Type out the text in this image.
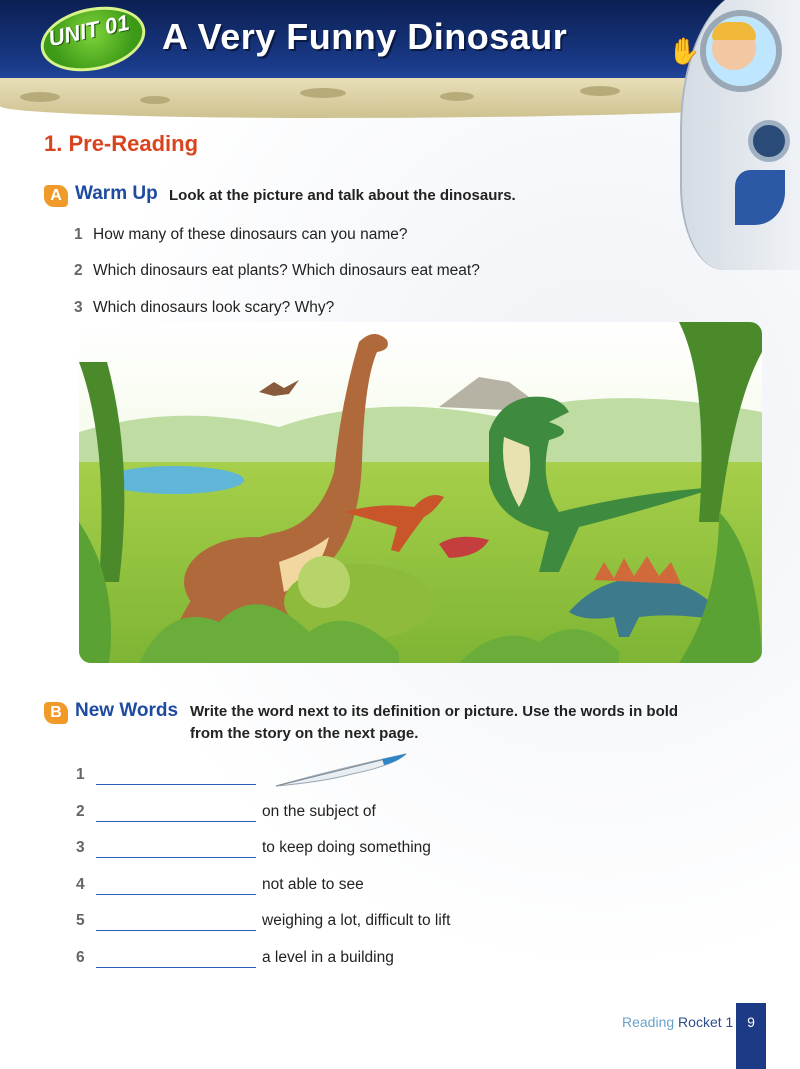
UNIT 01 A Very Funny Dinosaur	✋
1. Pre-Reading
A Warm Up Look at the picture and talk about the dinosaurs.
1 How many of these dinosaurs can you name?
2 Which dinosaurs eat plants? Which dinosaurs eat meat?
3 Which dinosaurs look scary? Why?
B New Words Write the word next to its definition or picture. Use the words in bold
from the story on the next page.
1
2	on the subject of
3	to keep doing something
4	not able to see
5	weighing a lot, difficult to lift
6	a level in a building
Reading Rocket 1 9
